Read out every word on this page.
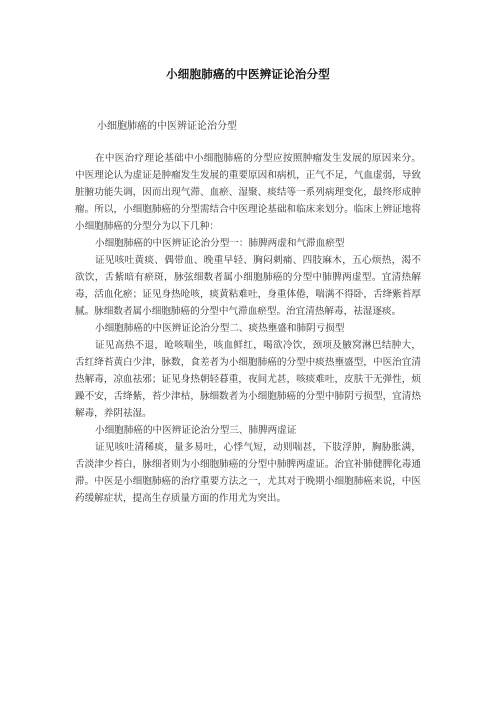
小细胞肺癌的中医辨证论治分型
小细胞肺癌的中医辨证论治分型

在中医治疗理论基础中小细胞肺癌的分型应按照肿瘤发生发展的原因来分。中医理论认为虚证是肿瘤发生发展的重要原因和病机，正气不足，气血虚弱，导致脏腑功能失调，因而出现气滞、血瘀、湿聚、痰结等一系列病理变化，最终形成肿瘤。所以，小细胞肺癌的分型需结合中医理论基础和临床来划分。临床上辨证地将小细胞肺癌的分型分为以下几种：

小细胞肺癌的中医辨证论治分型一：肺脾两虚和气滞血瘀型

证见咳吐黄痰、偶带血、晚重早轻、胸闷刺痛、四肢麻木，五心烦热，渴不欲饮，舌紫暗有瘀斑，脉弦细数者属小细胞肺癌的分型中肺脾两虚型。宜清热解毒，活血化瘀；证见身热呛咳，痰黄粘难吐，身重体倦，喘满不得卧，舌绛紫苔厚腻。脉细数者属小细胞肺癌的分型中气滞血瘀型。治宜清热解毒，祛湿逐痰。

小细胞肺癌的中医辨证论治分型二、痰热壅盛和肺阴亏损型

证见高热不退，呛咳喘坐，咳血鲜红，喝欲冷饮，颈项及腋窝淋巴结肿大，舌红绛苔黄白少津，脉数，食差者为小细胞肺癌的分型中痰热壅盛型，中医治宜清热解毒，凉血祛邪；证见身热朝轻暮重，夜间尤甚，咳痰难吐，皮肤干无弹性，烦躁不安，舌绛紫，苔少津枯，脉细数者为小细胞肺癌的分型中肺阴亏损型，宜清热解毒，养阴祛湿。

小细胞肺癌的中医辨证论治分型三、肺脾两虚证

证见咳吐清稀痰，量多易吐，心悸气短，动则喘甚，下肢浮肿，胸胁胀满，舌淡津少苔白，脉细者则为小细胞肺癌的分型中肺脾两虚证。治宜补肺健脾化毒通滞。中医是小细胞肺癌的治疗重要方法之一，尤其对于晚期小细胞肺癌来说，中医药缓解症状，提高生存质量方面的作用尤为突出。
